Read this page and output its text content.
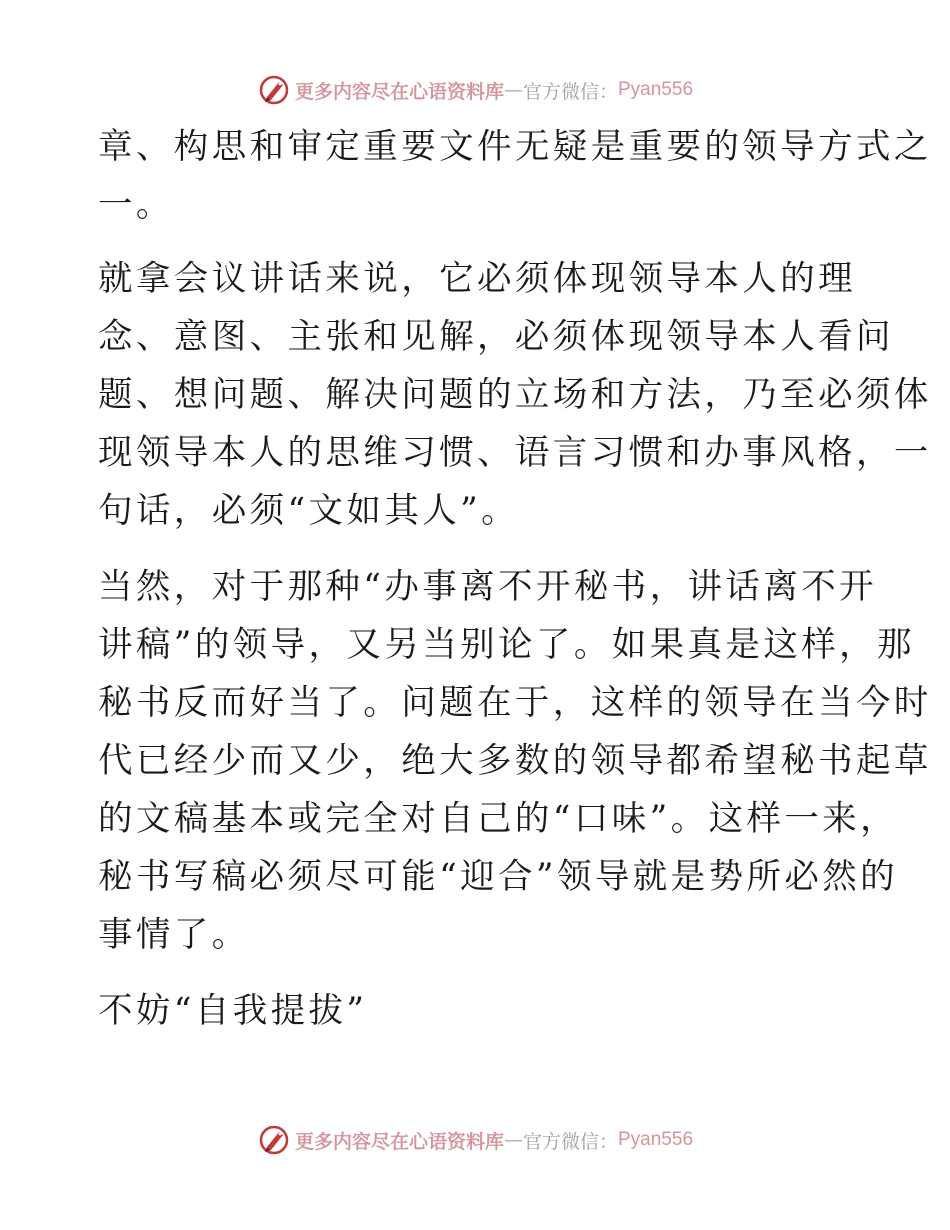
更多内容尽在心语资料库 — 官方微信： Pyan556

章、构思和审定重要文件无疑是重要的领导方式之
一。

就拿会议讲话来说，它必须体现领导本人的理
念、意图、主张和见解，必须体现领导本人看问
题、想问题、解决问题的立场和方法，乃至必须体
现领导本人的思维习惯、语言习惯和办事风格，一
句话，必须“文如其人”。

当然，对于那种“办事离不开秘书，讲话离不开
讲稿”的领导，又另当别论了。如果真是这样，那
秘书反而好当了。问题在于，这样的领导在当今时
代已经少而又少，绝大多数的领导都希望秘书起草
的文稿基本或完全对自己的“口味”。这样一来，
秘书写稿必须尽可能“迎合”领导就是势所必然的
事情了。

不妨“自我提拔”

更多内容尽在心语资料库 — 官方微信： Pyan556
